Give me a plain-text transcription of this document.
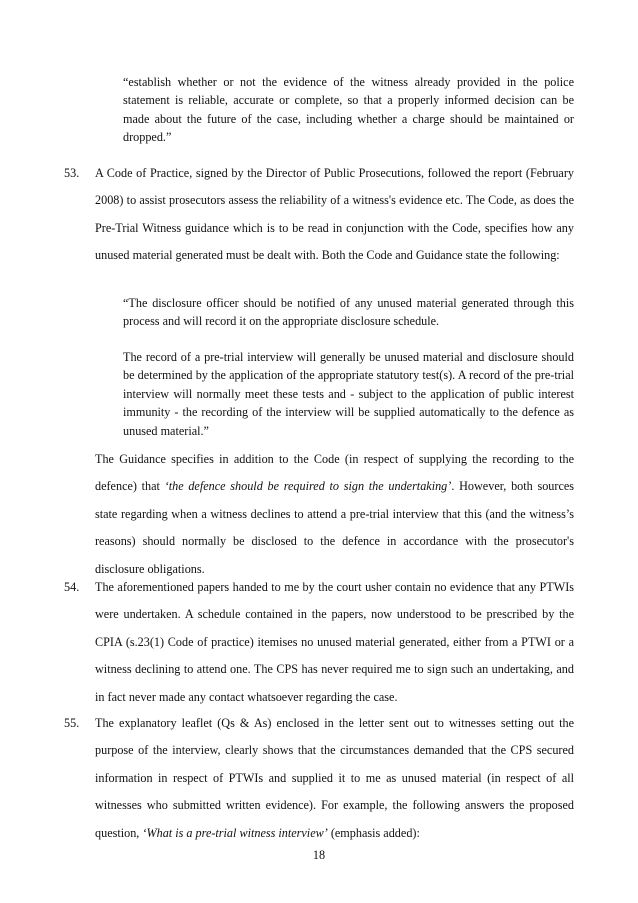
“establish whether or not the evidence of the witness already provided in the police statement is reliable, accurate or complete, so that a properly informed decision can be made about the future of the case, including whether a charge should be maintained or dropped.”

53.	A Code of Practice, signed by the Director of Public Prosecutions, followed the report (February 2008) to assist prosecutors assess the reliability of a witness's evidence etc. The Code, as does the Pre-Trial Witness guidance which is to be read in conjunction with the Code, specifies how any unused material generated must be dealt with. Both the Code and Guidance state the following:

“The disclosure officer should be notified of any unused material generated through this process and will record it on the appropriate disclosure schedule.

The record of a pre-trial interview will generally be unused material and disclosure should be determined by the application of the appropriate statutory test(s). A record of the pre-trial interview will normally meet these tests and - subject to the application of public interest immunity - the recording of the interview will be supplied automatically to the defence as unused material.”

The Guidance specifies in addition to the Code (in respect of supplying the recording to the defence) that ‘the defence should be required to sign the undertaking’. However, both sources state regarding when a witness declines to attend a pre-trial interview that this (and the witness’s reasons) should normally be disclosed to the defence in accordance with the prosecutor's disclosure obligations.

54.	The aforementioned papers handed to me by the court usher contain no evidence that any PTWIs were undertaken. A schedule contained in the papers, now understood to be prescribed by the CPIA (s.23(1) Code of practice) itemises no unused material generated, either from a PTWI or a witness declining to attend one. The CPS has never required me to sign such an undertaking, and in fact never made any contact whatsoever regarding the case.
55.	The explanatory leaflet (Qs & As) enclosed in the letter sent out to witnesses setting out the purpose of the interview, clearly shows that the circumstances demanded that the CPS secured information in respect of PTWIs and supplied it to me as unused material (in respect of all witnesses who submitted written evidence). For example, the following answers the proposed question, ‘What is a pre-trial witness interview’ (emphasis added):
18
